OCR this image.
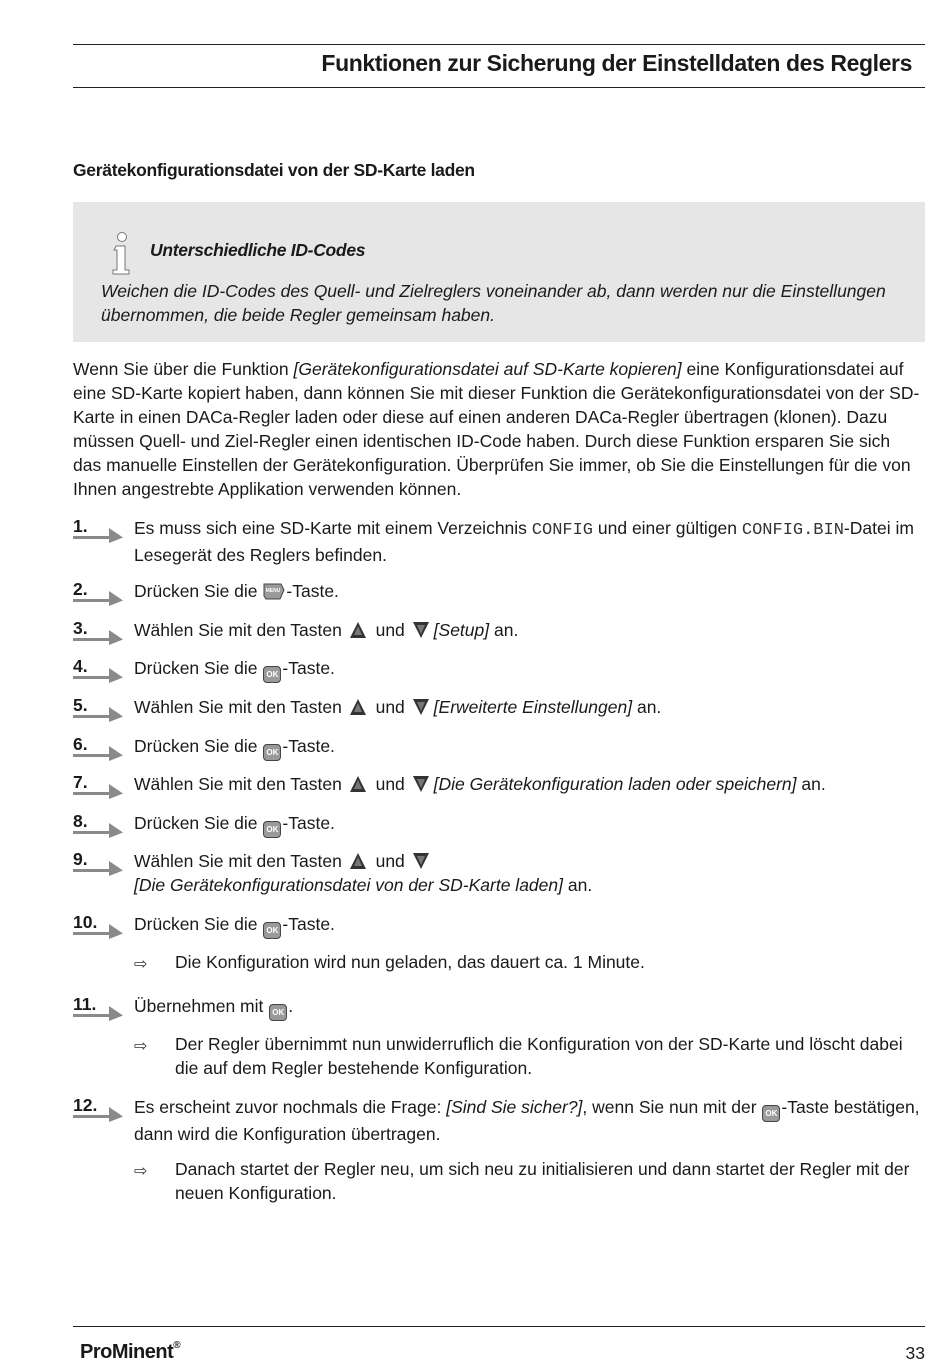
Funktionen zur Sicherung der Einstelldaten des Reglers
Gerätekonfigurationsdatei von der SD-Karte laden
Unterschiedliche ID-Codes
Weichen die ID-Codes des Quell- und Zielreglers voneinander ab, dann werden nur die Einstellungen übernommen, die beide Regler gemeinsam haben.
Wenn Sie über die Funktion [Gerätekonfigurationsdatei auf SD-Karte kopieren] eine Konfigurationsdatei auf eine SD-Karte kopiert haben, dann können Sie mit dieser Funktion die Gerätekonfigurationsdatei von der SD-Karte in einen DACa-Regler laden oder diese auf einen anderen DACa-Regler übertragen (klonen). Dazu müssen Quell- und Ziel-Regler einen identischen ID-Code haben. Durch diese Funktion ersparen Sie sich das manuelle Einstellen der Gerätekonfiguration. Überprüfen Sie immer, ob Sie die Einstellungen für die von Ihnen angestrebte Applikation verwenden können.
1.	Es muss sich eine SD-Karte mit einem Verzeichnis CONFIG und einer gültigen CONFIG.BIN-Datei im Lesegerät des Reglers befinden.
2.	Drücken Sie die MENU -Taste.
3.	Wählen Sie mit den Tasten  und [Setup] an.
4.	Drücken Sie die OK -Taste.
5.	Wählen Sie mit den Tasten  und [Erweiterte Einstellungen] an.
6.	Drücken Sie die OK -Taste.
7.	Wählen Sie mit den Tasten  und [Die Gerätekonfiguration laden oder speichern] an.
8.	Drücken Sie die OK -Taste.
9.	Wählen Sie mit den Tasten  und
[Die Gerätekonfigurationsdatei von der SD-Karte laden] an.
10. Drücken Sie die OK -Taste.
⇨ Die Konfiguration wird nun geladen, das dauert ca. 1 Minute.
11. Übernehmen mit OK .
⇨ Der Regler übernimmt nun unwiderruflich die Konfiguration von der SD-Karte und löscht dabei die auf dem Regler bestehende Konfiguration.
12. Es erscheint zuvor nochmals die Frage: [Sind Sie sicher?], wenn Sie nun mit der OK -Taste bestätigen, dann wird die Konfiguration übertragen.
⇨ Danach startet der Regler neu, um sich neu zu initialisieren und dann startet der Regler mit der neuen Konfiguration.
ProMinent®	33
